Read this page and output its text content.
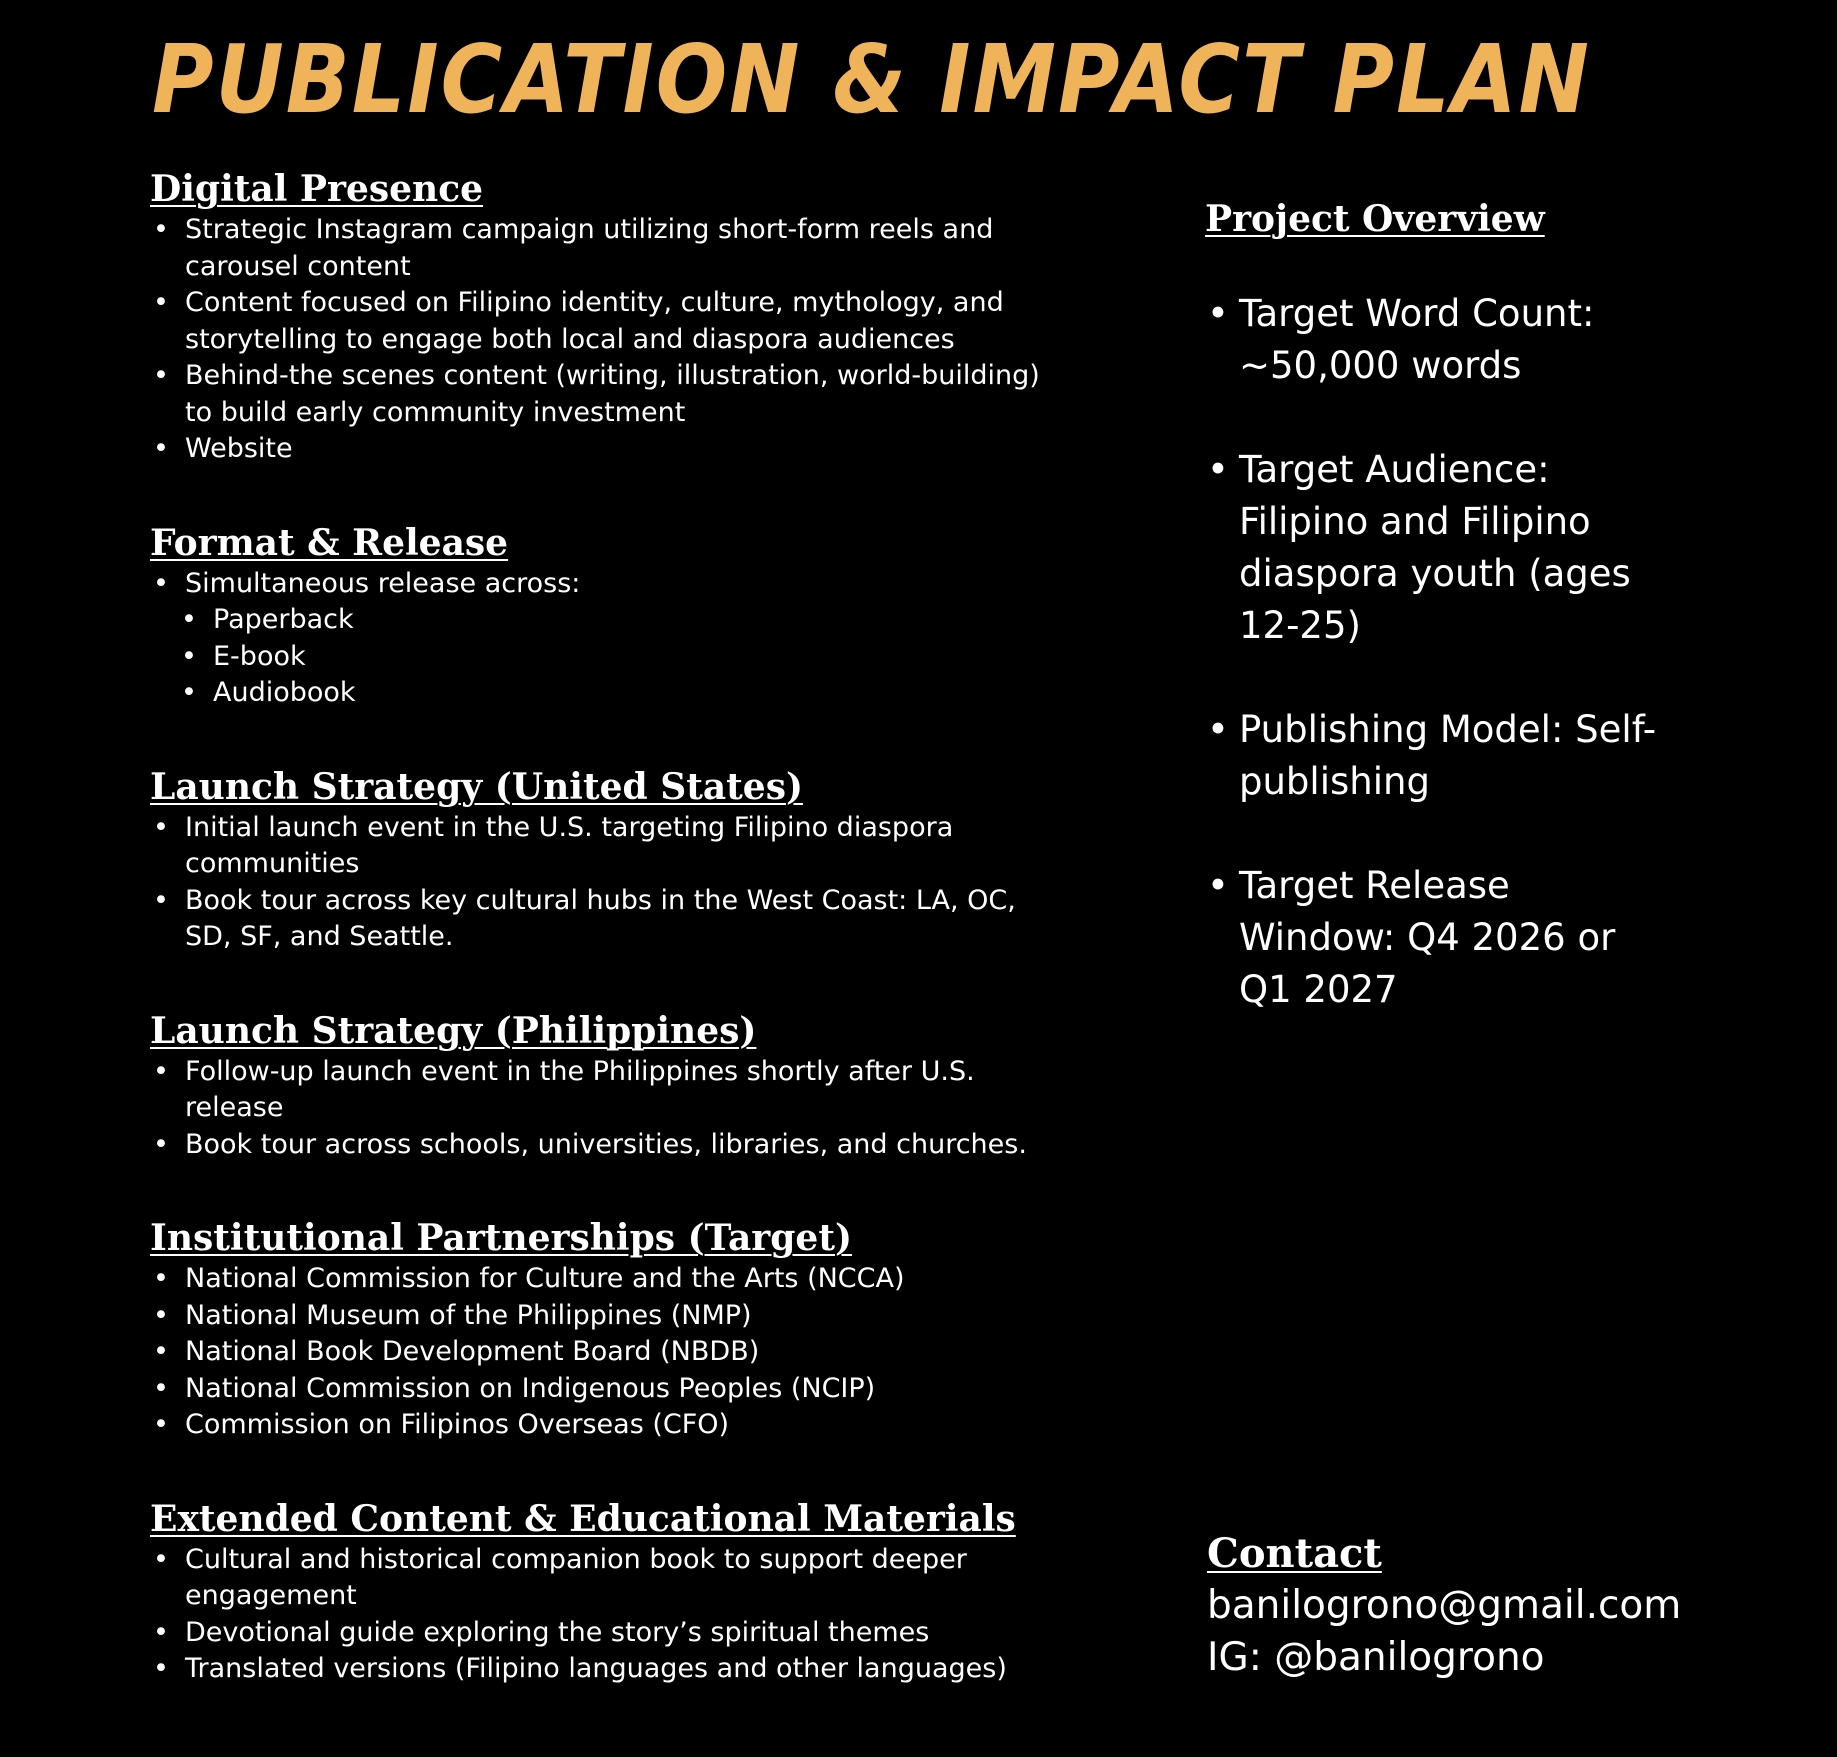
PUBLICATION & IMPACT PLAN
Digital Presence
• Strategic Instagram campaign utilizing short-form reels and carousel content
• Content focused on Filipino identity, culture, mythology, and storytelling to engage both local and diaspora audiences
• Behind-the scenes content (writing, illustration, world-building) to build early community investment
• Website
Format & Release
• Simultaneous release across:
• Paperback
• E-book
• Audiobook
Launch Strategy (United States)
• Initial launch event in the U.S. targeting Filipino diaspora communities
• Book tour across key cultural hubs in the West Coast: LA, OC, SD, SF, and Seattle.
Launch Strategy (Philippines)
• Follow-up launch event in the Philippines shortly after U.S. release
• Book tour across schools, universities, libraries, and churches.
Institutional Partnerships (Target)
• National Commission for Culture and the Arts (NCCA)
• National Museum of the Philippines (NMP)
• National Book Development Board (NBDB)
• National Commission on Indigenous Peoples (NCIP)
• Commission on Filipinos Overseas (CFO)
Extended Content & Educational Materials
• Cultural and historical companion book to support deeper engagement
• Devotional guide exploring the story’s spiritual themes
• Translated versions (Filipino languages and other languages)
Project Overview
• Target Word Count: ~50,000 words
• Target Audience: Filipino and Filipino diaspora youth (ages 12-25)
• Publishing Model: Self-publishing
• Target Release Window: Q4 2026 or Q1 2027
Contact
banilogrono@gmail.com
IG: @banilogrono
